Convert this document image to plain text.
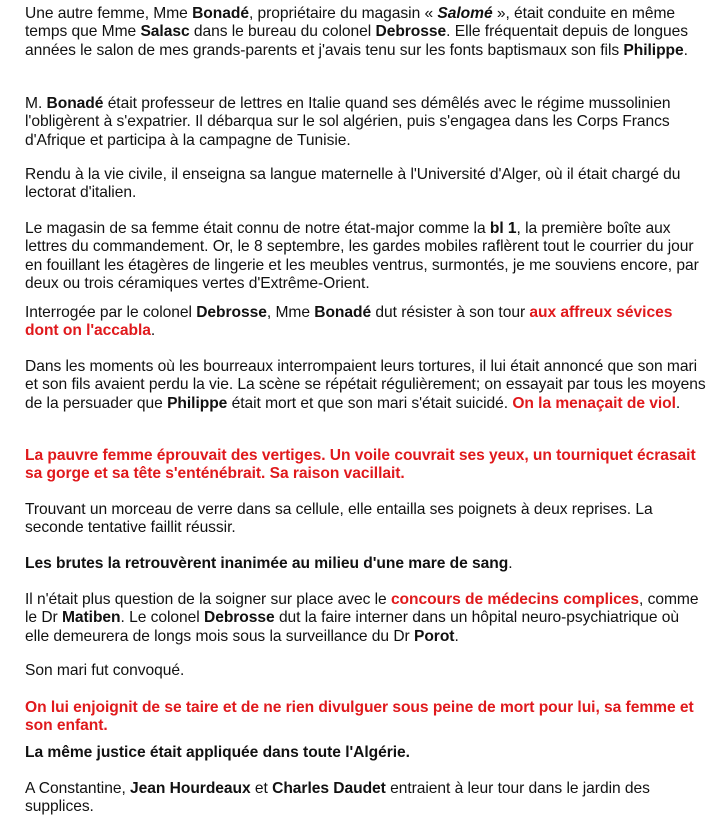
Une autre femme, Mme Bonadé, propriétaire du magasin « Salomé », était conduite en même temps que Mme Salasc dans le bureau du colonel Debrosse. Elle fréquentait depuis de longues années le salon de mes grands-parents et j'avais tenu sur les fonts baptismaux son fils Philippe.

M. Bonadé était professeur de lettres en Italie quand ses démêlés avec le régime mussolinien l'obligèrent à s'expatrier. Il débarqua sur le sol algérien, puis s'engagea dans les Corps Francs d'Afrique et participa à la campagne de Tunisie.

Rendu à la vie civile, il enseigna sa langue maternelle à l'Université d'Alger, où il était chargé du lectorat d'italien.

Le magasin de sa femme était connu de notre état-major comme la bl 1, la première boîte aux lettres du commandement. Or, le 8 septembre, les gardes mobiles raflèrent tout le courrier du jour en fouillant les étagères de lingerie et les meubles ventrus, surmontés, je me souviens encore, par deux ou trois céramiques vertes d'Extrême-Orient.

Interrogée par le colonel Debrosse, Mme Bonadé dut résister à son tour aux affreux sévices dont on l'accabla.

Dans les moments où les bourreaux interrompaient leurs tortures, il lui était annoncé que son mari et son fils avaient perdu la vie. La scène se répétait régulièrement; on essayait par tous les moyens de la persuader que Philippe était mort et que son mari s'était suicidé. On la menaçait de viol.

La pauvre femme éprouvait des vertiges. Un voile couvrait ses yeux, un tourniquet écrasait sa gorge et sa tête s'enténébrait. Sa raison vacillait.

Trouvant un morceau de verre dans sa cellule, elle entailla ses poignets à deux reprises. La seconde tentative faillit réussir.

Les brutes la retrouvèrent inanimée au milieu d'une mare de sang.

Il n'était plus question de la soigner sur place avec le concours de médecins complices, comme le Dr Matiben. Le colonel Debrosse dut la faire interner dans un hôpital neuro-psychiatrique où elle demeurera de longs mois sous la surveillance du Dr Porot.

Son mari fut convoqué.

On lui enjoignit de se taire et de ne rien divulguer sous peine de mort pour lui, sa femme et son enfant.

La même justice était appliquée dans toute l'Algérie.

A Constantine, Jean Hourdeaux et Charles Daudet entraient à leur tour dans le jardin des supplices.
